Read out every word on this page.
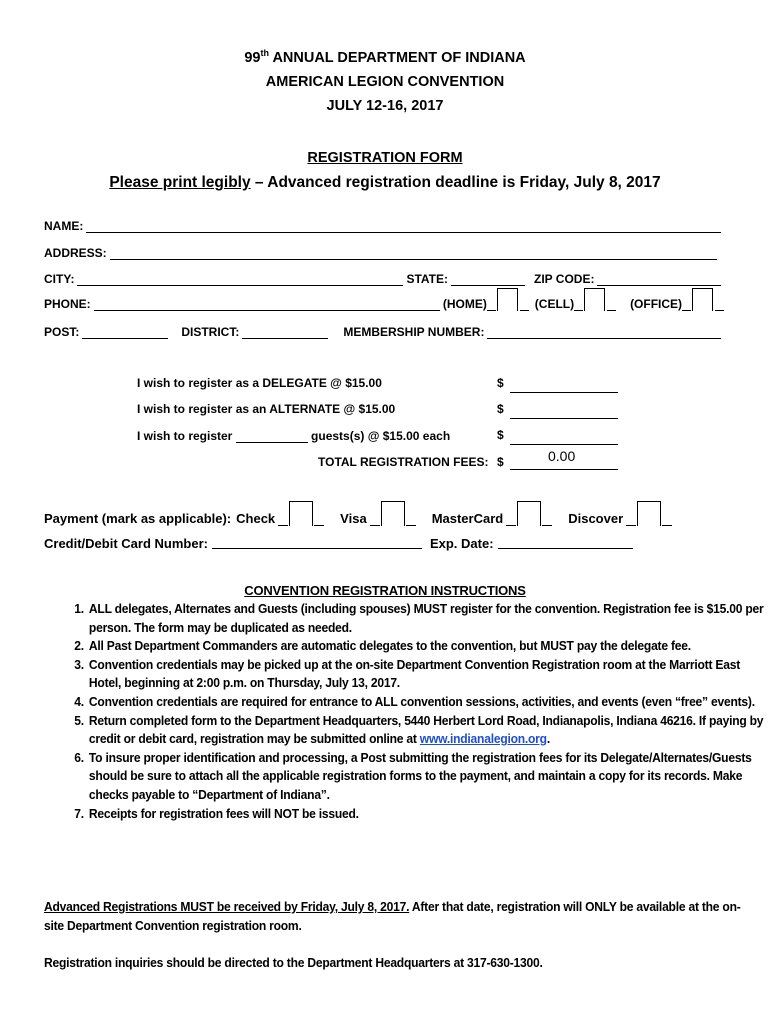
99th ANNUAL DEPARTMENT OF INDIANA
AMERICAN LEGION CONVENTION
JULY 12-16, 2017
REGISTRATION FORM
Please print legibly – Advanced registration deadline is Friday, July 8, 2017
NAME:
ADDRESS:
CITY:	STATE:	ZIP CODE:
PHONE:	(HOME)	(CELL)	(OFFICE)
POST:	DISTRICT:	MEMBERSHIP NUMBER:
I wish to register as a DELEGATE @ $15.00	$
I wish to register as an ALTERNATE @ $15.00	$
I wish to register	guests(s) @ $15.00 each	$
TOTAL REGISTRATION FEES: $	0.00
Payment (mark as applicable): Check	Visa	MasterCard	Discover
Credit/Debit Card Number:	Exp. Date:
CONVENTION REGISTRATION INSTRUCTIONS
1. ALL delegates, Alternates and Guests (including spouses) MUST register for the convention. Registration fee is $15.00 per person. The form may be duplicated as needed.
2. All Past Department Commanders are automatic delegates to the convention, but MUST pay the delegate fee.
3. Convention credentials may be picked up at the on-site Department Convention Registration room at the Marriott East Hotel, beginning at 2:00 p.m. on Thursday, July 13, 2017.
4. Convention credentials are required for entrance to ALL convention sessions, activities, and events (even “free” events).
5. Return completed form to the Department Headquarters, 5440 Herbert Lord Road, Indianapolis, Indiana 46216. If paying by credit or debit card, registration may be submitted online at www.indianalegion.org.
6. To insure proper identification and processing, a Post submitting the registration fees for its Delegate/Alternates/Guests should be sure to attach all the applicable registration forms to the payment, and maintain a copy for its records. Make checks payable to “Department of Indiana”.
7. Receipts for registration fees will NOT be issued.
Advanced Registrations MUST be received by Friday, July 8, 2017. After that date, registration will ONLY be available at the on-site Department Convention registration room.
Registration inquiries should be directed to the Department Headquarters at 317-630-1300.
